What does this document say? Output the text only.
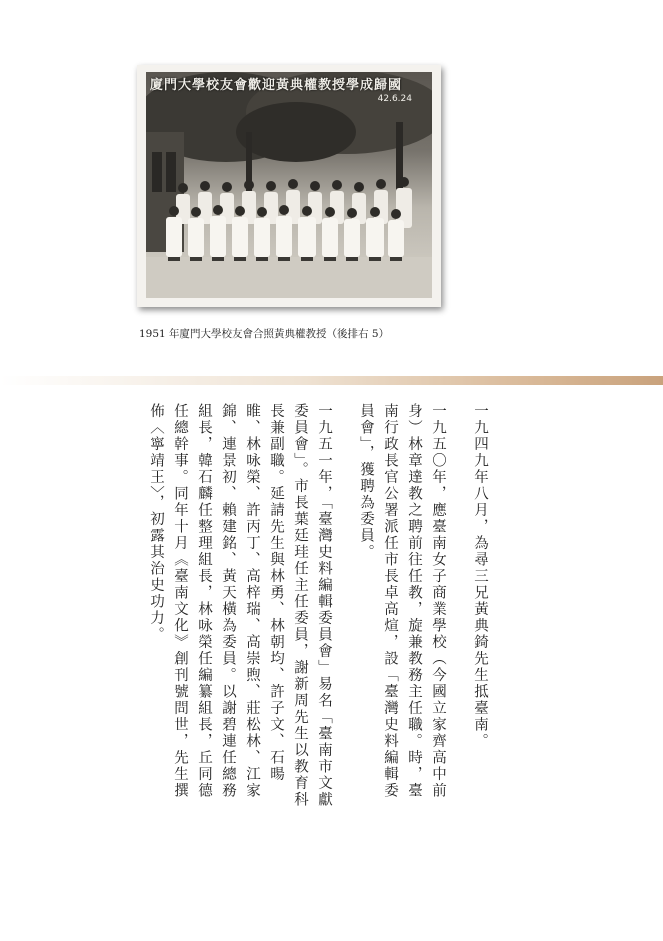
廈門大學校友會歡迎黃典權教授學成歸國
42.6.24
1951 年廈門大學校友會合照黃典權教授（後排右 5）
一九四九年八月，為尋三兄黃典錡先生抵臺南。
一九五〇年，應臺南女子商業學校（今國立家齊高中前身）林章達教之聘前往任教，旋兼教務主任職。時，臺南行政長官公署派任市長卓高煊，設「臺灣史料編輯委員會」，獲聘為委員。
一九五一年，「臺灣史料編輯委員會」易名「臺南市文獻委員會」。市長葉廷珪任主任委員，謝新周先生以教育科長兼副職。延請先生與林勇、林朝均、許子文、石暘睢、林咏榮、許丙丁、高梓瑞、高崇煦、莊松林、江家錦、連景初、賴建銘、黃天橫為委員。以謝碧連任總務組長，韓石麟任整理組長，林咏榮任編纂組長，丘同德任總幹事。同年十月《臺南文化》創刊號問世，先生撰佈〈寧靖王〉，初露其治史功力。
